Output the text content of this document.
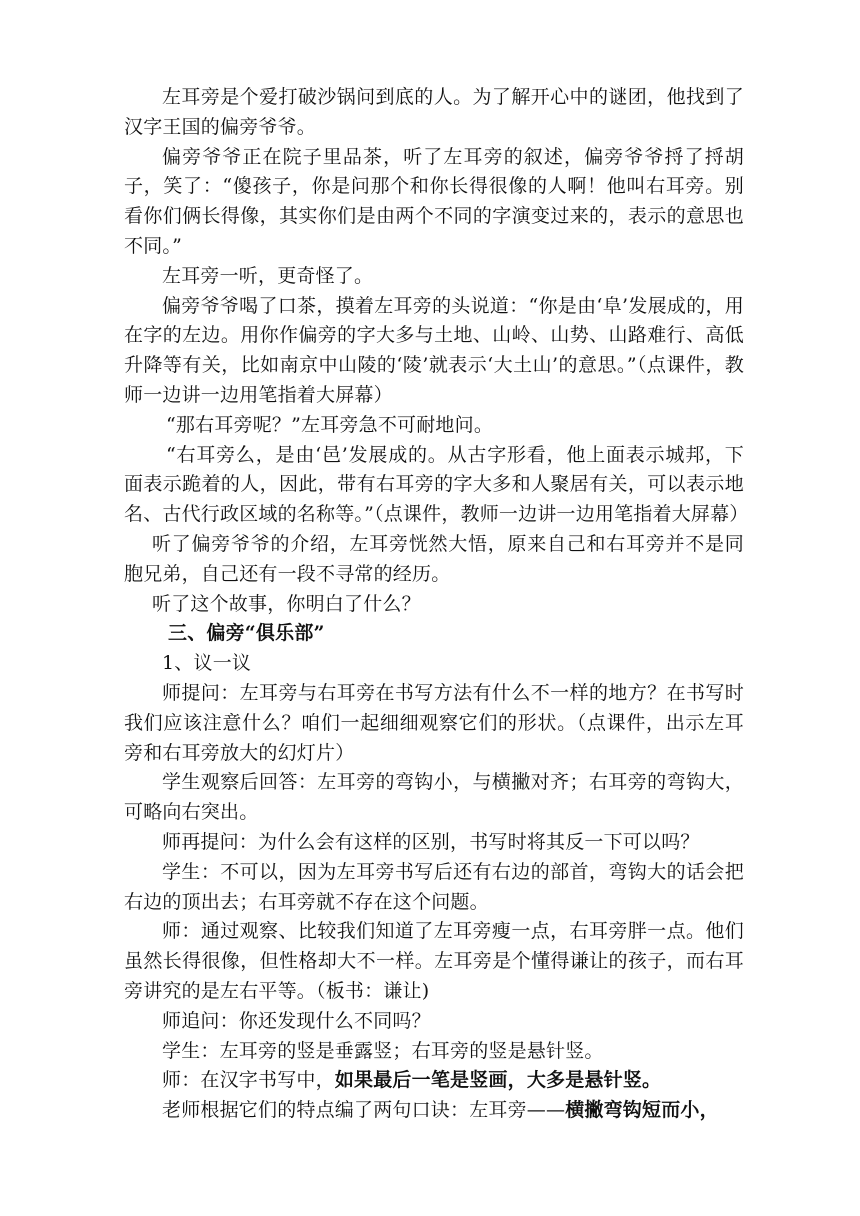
左耳旁是个爱打破沙锅问到底的人。为了解开心中的谜团，他找到了汉字王国的偏旁爷爷。

偏旁爷爷正在院子里品茶，听了左耳旁的叙述，偏旁爷爷捋了捋胡子，笑了：“傻孩子，你是问那个和你长得很像的人啊！他叫右耳旁。别看你们俩长得像，其实你们是由两个不同的字演变过来的，表示的意思也不同。”

左耳旁一听，更奇怪了。

偏旁爷爷喝了口茶，摸着左耳旁的头说道：“你是由‘阜’发展成的，用在字的左边。用你作偏旁的字大多与土地、山岭、山势、山路难行、高低升降等有关，比如南京中山陵的‘陵’就表示‘大土山’的意思。”（点课件，教师一边讲一边用笔指着大屏幕）

“那右耳旁呢？”左耳旁急不可耐地问。

“右耳旁么，是由‘邑’发展成的。从古字形看，他上面表示城邦，下面表示跪着的人，因此，带有右耳旁的字大多和人聚居有关，可以表示地名、古代行政区域的名称等。”（点课件，教师一边讲一边用笔指着大屏幕）

听了偏旁爷爷的介绍，左耳旁恍然大悟，原来自己和右耳旁并不是同胞兄弟，自己还有一段不寻常的经历。

听了这个故事，你明白了什么？

三、偏旁“俱乐部”

1、议一议

师提问：左耳旁与右耳旁在书写方法有什么不一样的地方？在书写时我们应该注意什么？咱们一起细细观察它们的形状。（点课件，出示左耳旁和右耳旁放大的幻灯片）

学生观察后回答：左耳旁的弯钩小，与横撇对齐；右耳旁的弯钩大，可略向右突出。

师再提问：为什么会有这样的区别，书写时将其反一下可以吗？

学生：不可以，因为左耳旁书写后还有右边的部首，弯钩大的话会把右边的顶出去；右耳旁就不存在这个问题。

师：通过观察、比较我们知道了左耳旁瘦一点，右耳旁胖一点。他们虽然长得很像，但性格却大不一样。左耳旁是个懂得谦让的孩子，而右耳旁讲究的是左右平等。（板书：谦让)

师追问：你还发现什么不同吗？

学生：左耳旁的竖是垂露竖；右耳旁的竖是悬针竖。

师：在汉字书写中，如果最后一笔是竖画，大多是悬针竖。

老师根据它们的特点编了两句口诀：左耳旁——横撇弯钩短而小，
